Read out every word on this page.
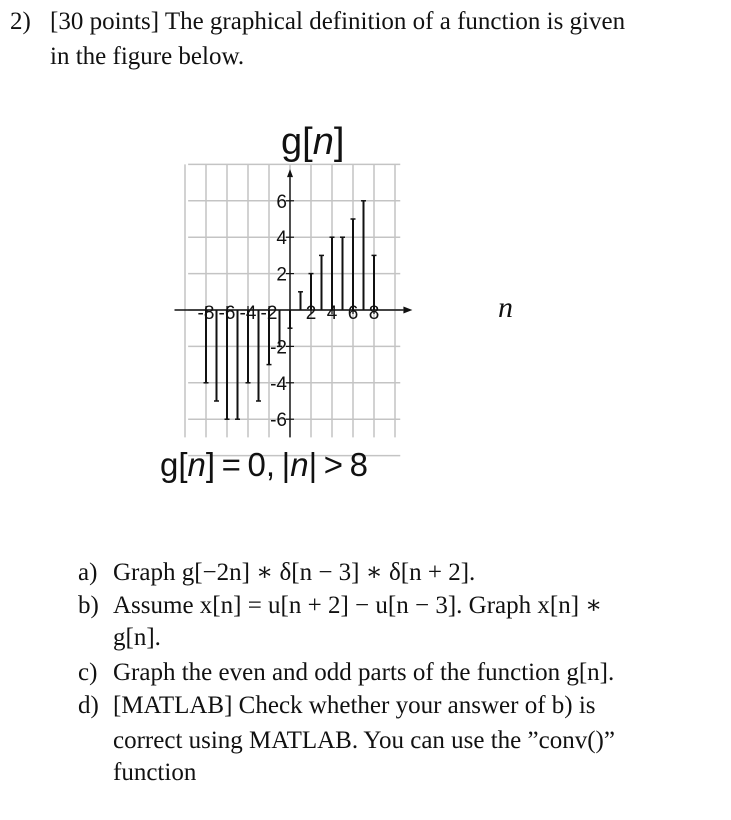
2) [30 points] The graphical definition of a function is given
in the figure below.
g[n]
-8 -6 -4 -2 2 4 6 8
6
4
2
-2
-4
-6
n
g[n] = 0, |n| > 8
a) Graph g[−2n] ∗ δ[n − 3] ∗ δ[n + 2].
b) Assume x[n] = u[n + 2] − u[n − 3]. Graph x[n] ∗
g[n].
c) Graph the even and odd parts of the function g[n].
d) [MATLAB] Check whether your answer of b) is
correct using MATLAB. You can use the ”conv()”
function
